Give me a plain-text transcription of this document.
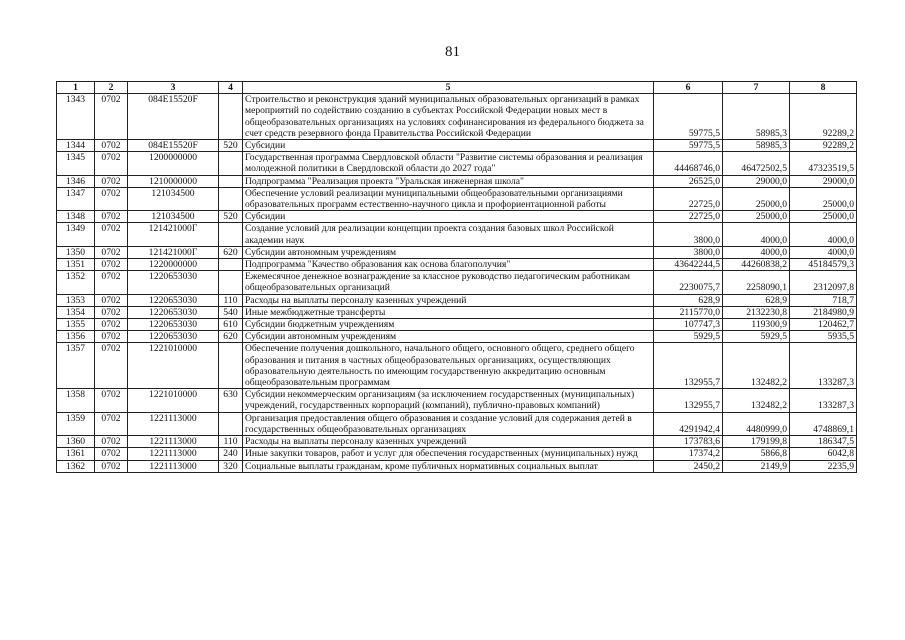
81
1	2	3	4	5	6	7	8
1343	0702	084E15520F		Строительство и реконструкция зданий муниципальных образовательных организаций в рамках мероприятий по содействию созданию в субъектах Российской Федерации новых мест в общеобразовательных организациях на условиях софинансирования из федерального бюджета за счет средств резервного фонда Правительства Российской Федерации	59775,5	58985,3	92289,2
1344	0702	084E15520F	520	Субсидии	59775,5	58985,3	92289,2
1345	0702	1200000000		Государственная программа Свердловской области "Развитие системы образования и реализация молодежной политики в Свердловской области до 2027 года"	44468746,0	46472502,5	47323519,5
1346	0702	1210000000		Подпрограмма "Реализация проекта "Уральская инженерная школа"	26525,0	29000,0	29000,0
1347	0702	121034500		Обеспечение условий реализации муниципальными общеобразовательными организациями образовательных программ естественно-научного цикла и профориентационной работы	22725,0	25000,0	25000,0
1348	0702	121034500	520	Субсидии	22725,0	25000,0	25000,0
1349	0702	121421000Г		Создание условий для реализации концепции проекта создания базовых школ Российской академии наук	3800,0	4000,0	4000,0
1350	0702	121421000Г	620	Субсидии автономным учреждениям	3800,0	4000,0	4000,0
1351	0702	1220000000		Подпрограмма "Качество образования как основа благополучия"	43642244,5	44260838,2	45184579,3
1352	0702	1220653030		Ежемесячное денежное вознаграждение за классное руководство педагогическим работникам общеобразовательных организаций	2230075,7	2258090,1	2312097,8
1353	0702	1220653030	110	Расходы на выплаты персоналу казенных учреждений	628,9	628,9	718,7
1354	0702	1220653030	540	Иные межбюджетные трансферты	2115770,0	2132230,8	2184980,9
1355	0702	1220653030	610	Субсидии бюджетным учреждениям	107747,3	119300,9	120462,7
1356	0702	1220653030	620	Субсидии автономным учреждениям	5929,5	5929,5	5935,5
1357	0702	1221010000		Обеспечение получения дошкольного, начального общего, основного общего, среднего общего образования и питания в частных общеобразовательных организациях, осуществляющих образовательную деятельность по имеющим государственную аккредитацию основным общеобразовательным программам	132955,7	132482,2	133287,3
1358	0702	1221010000	630	Субсидии некоммерческим организациям (за исключением государственных (муниципальных) учреждений, государственных корпораций (компаний), публично-правовых компаний)	132955,7	132482,2	133287,3
1359	0702	1221113000		Организация предоставления общего образования и создание условий для содержания детей в государственных общеобразовательных организациях	4291942,4	4480999,0	4748869,1
1360	0702	1221113000	110	Расходы на выплаты персоналу казенных учреждений	173783,6	179199,8	186347,5
1361	0702	1221113000	240	Иные закупки товаров, работ и услуг для обеспечения государственных (муниципальных) нужд	17374,2	5866,8	6042,8
1362	0702	1221113000	320	Социальные выплаты гражданам, кроме публичных нормативных социальных выплат	2450,2	2149,9	2235,9
